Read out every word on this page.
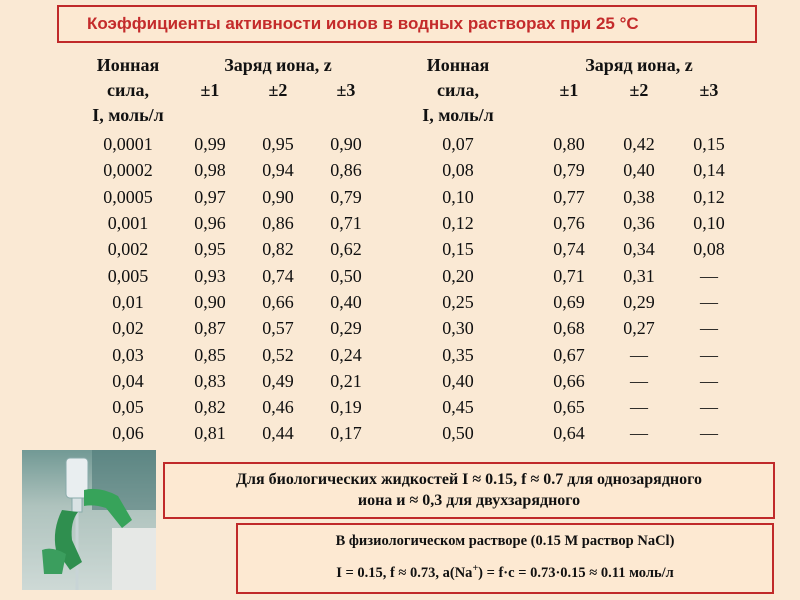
Коэффициенты активности ионов в водных растворах при 25 °С
Ионная	Заряд иона, z				Ионная		Заряд иона, z		
сила,	±1	±2	±3		сила,		±1	±2	±3
I, моль/л					I, моль/л				

0,0001	0,99	0,95	0,90		0,07		0,80	0,42	0,15
0,0002	0,98	0,94	0,86		0,08		0,79	0,40	0,14
0,0005	0,97	0,90	0,79		0,10		0,77	0,38	0,12
0,001	0,96	0,86	0,71		0,12		0,76	0,36	0,10
0,002	0,95	0,82	0,62		0,15		0,74	0,34	0,08
0,005	0,93	0,74	0,50		0,20		0,71	0,31	—
0,01	0,90	0,66	0,40		0,25		0,69	0,29	—
0,02	0,87	0,57	0,29		0,30		0,68	0,27	—
0,03	0,85	0,52	0,24		0,35		0,67	—	—
0,04	0,83	0,49	0,21		0,40		0,66	—	—
0,05	0,82	0,46	0,19		0,45		0,65	—	—
0,06	0,81	0,44	0,17		0,50		0,64	—	—
Для биологических жидкостей I ≈ 0.15, f ≈ 0.7 для однозарядного
иона и ≈ 0,3 для двухзарядного
В физиологическом растворе (0.15 М раствор NaCl)
I = 0.15, f ≈ 0.73, a(Na+) = f·c = 0.73·0.15 ≈ 0.11 моль/л
